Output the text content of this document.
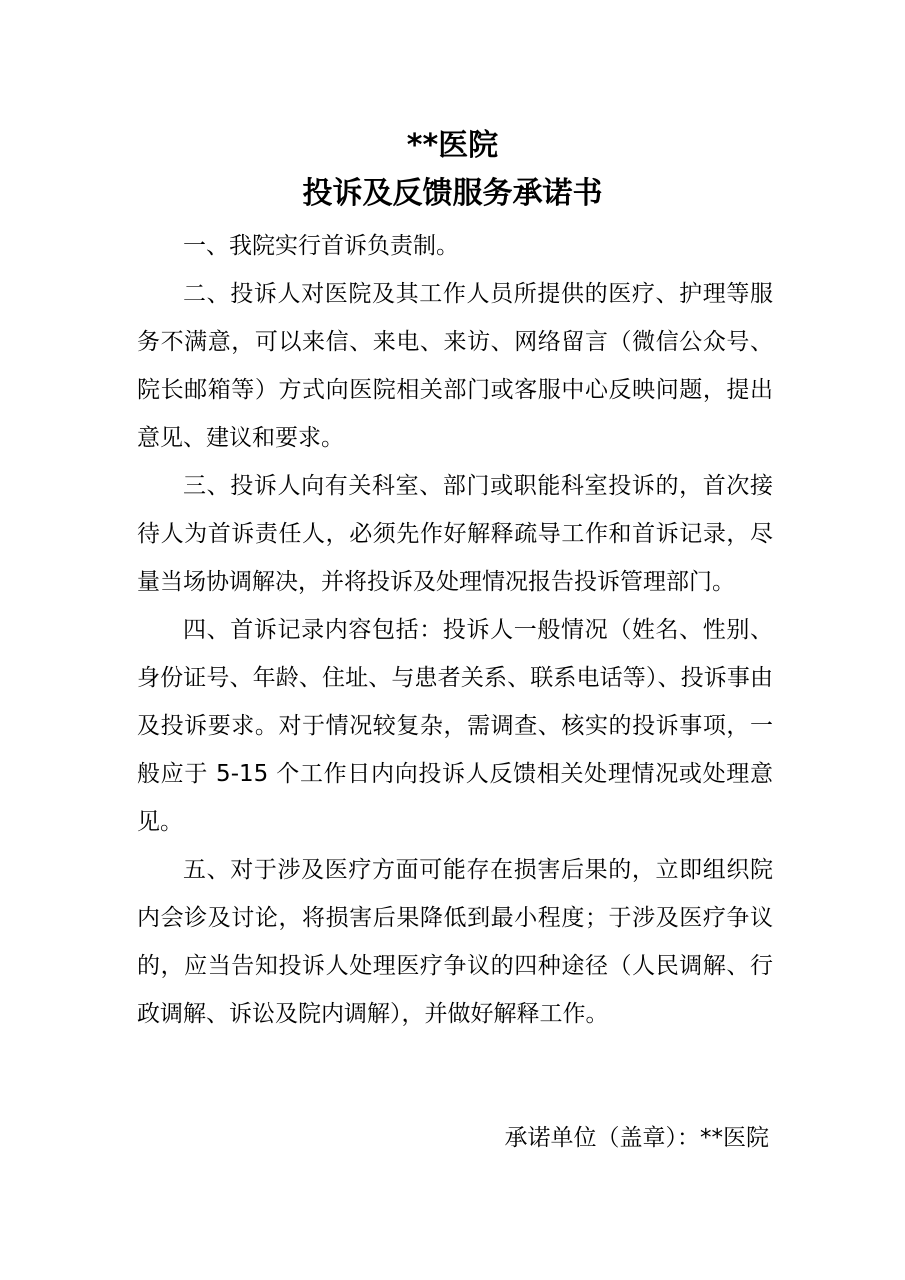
**医院
投诉及反馈服务承诺书

一、我院实行首诉负责制。

二、投诉人对医院及其工作人员所提供的医疗、护理等服务不满意，可以来信、来电、来访、网络留言（微信公众号、院长邮箱等）方式向医院相关部门或客服中心反映问题，提出意见、建议和要求。

三、投诉人向有关科室、部门或职能科室投诉的，首次接待人为首诉责任人，必须先作好解释疏导工作和首诉记录，尽量当场协调解决，并将投诉及处理情况报告投诉管理部门。

四、首诉记录内容包括：投诉人一般情况（姓名、性别、身份证号、年龄、住址、与患者关系、联系电话等）、投诉事由及投诉要求。对于情况较复杂，需调查、核实的投诉事项，一般应于 5-15 个工作日内向投诉人反馈相关处理情况或处理意见。

五、对于涉及医疗方面可能存在损害后果的，立即组织院内会诊及讨论，将损害后果降低到最小程度；于涉及医疗争议的，应当告知投诉人处理医疗争议的四种途径（人民调解、行政调解、诉讼及院内调解），并做好解释工作。

承诺单位（盖章）：**医院
